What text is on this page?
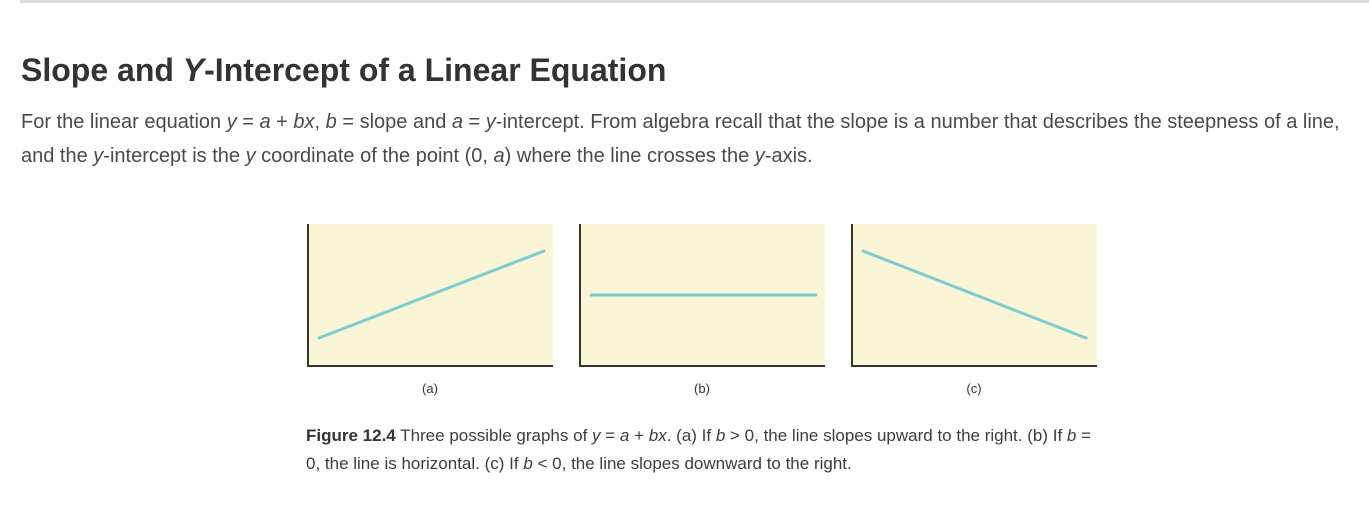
Slope and Y-Intercept of a Linear Equation

For the linear equation y = a + bx, b = slope and a = y-intercept. From algebra recall that the slope is a number that describes the steepness of a line, and the y-intercept is the y coordinate of the point (0, a) where the line crosses the y-axis.

(a)	(b)	(c)

Figure 12.4 Three possible graphs of y = a + bx. (a) If b > 0, the line slopes upward to the right. (b) If b = 0, the line is horizontal. (c) If b < 0, the line slopes downward to the right.
